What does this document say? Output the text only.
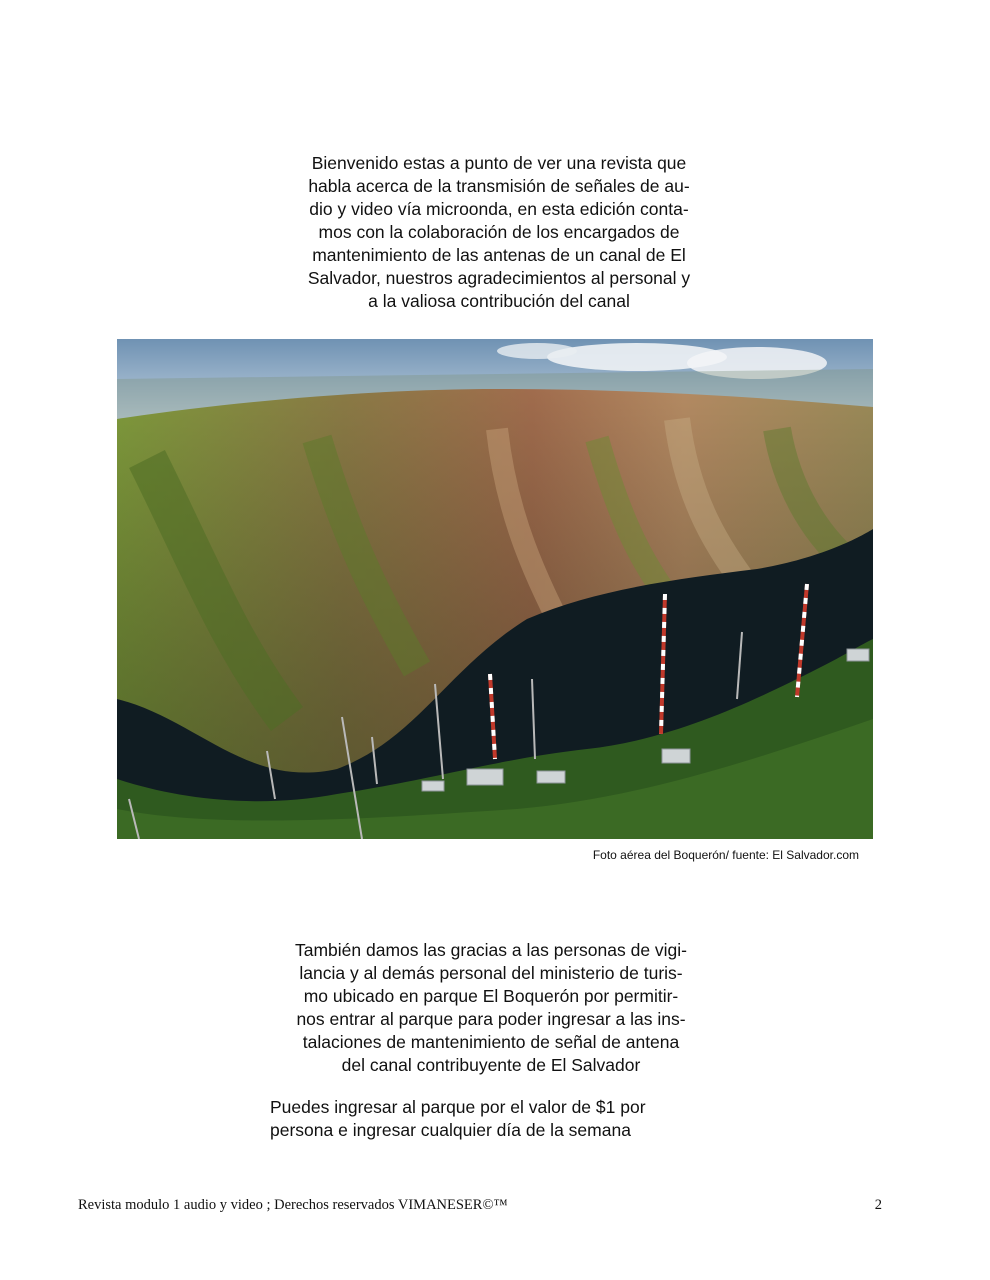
Bienvenido estas a punto de ver una revista que
habla acerca de la transmisión de señales de au-
dio y video vía microonda, en esta edición conta-
mos con la colaboración de los encargados de
mantenimiento de las antenas de un canal de El
Salvador, nuestros agradecimientos al personal y
a la valiosa contribución del canal
Foto aérea del Boquerón/ fuente: El Salvador.com
También damos las gracias a las personas de vigi-
lancia y al demás personal del ministerio de turis-
mo ubicado en parque El Boquerón por permitir-
nos entrar al parque para poder ingresar a las ins-
talaciones de mantenimiento de señal de antena
del canal contribuyente de El Salvador
Puedes ingresar al parque por el valor de $1 por
persona e ingresar cualquier día de la semana
Revista modulo 1 audio y video ; Derechos reservados VIMANESER©™	2
